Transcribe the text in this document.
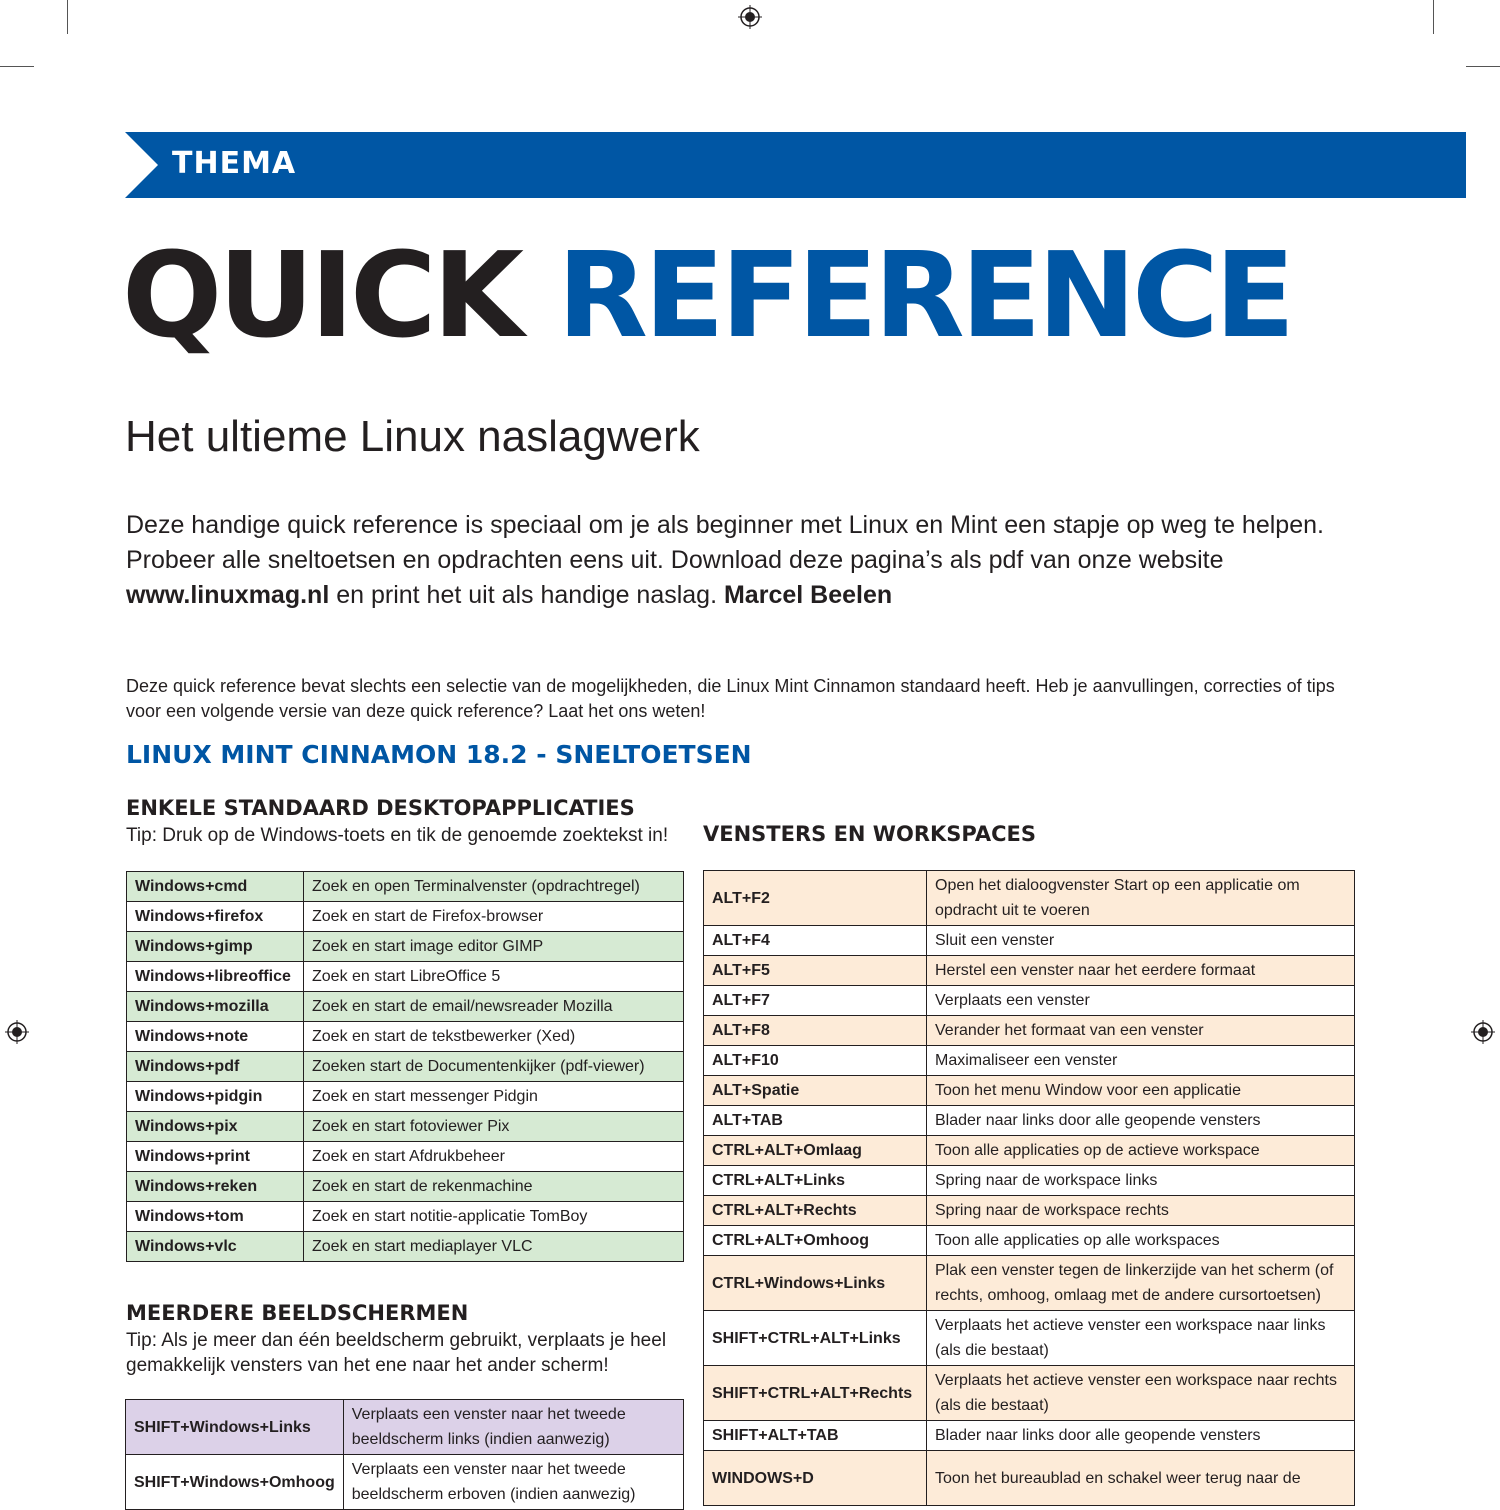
THEMA
QUICK REFERENCE
Het ultieme Linux naslagwerk
Deze handige quick reference is speciaal om je als beginner met Linux en Mint een stapje op weg te helpen. Probeer alle sneltoetsen en opdrachten eens uit. Download deze pagina’s als pdf van onze website www.linuxmag.nl en print het uit als handige naslag. Marcel Beelen
Deze quick reference bevat slechts een selectie van de mogelijkheden, die Linux Mint Cinnamon standaard heeft. Heb je aanvullingen, correcties of tips voor een volgende versie van deze quick reference? Laat het ons weten!
LINUX MINT CINNAMON 18.2 - SNELTOETSEN
ENKELE STANDAARD DESKTOPAPPLICATIES
Tip: Druk op de Windows-toets en tik de genoemde zoektekst in!
Windows+cmd	Zoek en open Terminalvenster (opdrachtregel)
Windows+firefox	Zoek en start de Firefox-browser
Windows+gimp	Zoek en start image editor GIMP
Windows+libreoffice	Zoek en start LibreOffice 5
Windows+mozilla	Zoek en start de email/newsreader Mozilla
Windows+note	Zoek en start de tekstbewerker (Xed)
Windows+pdf	Zoeken start de Documentenkijker (pdf-viewer)
Windows+pidgin	Zoek en start messenger Pidgin
Windows+pix	Zoek en start fotoviewer Pix
Windows+print	Zoek en start Afdrukbeheer
Windows+reken	Zoek en start de rekenmachine
Windows+tom	Zoek en start notitie-applicatie TomBoy
Windows+vlc	Zoek en start mediaplayer VLC
MEERDERE BEELDSCHERMEN
Tip: Als je meer dan één beeldscherm gebruikt, verplaats je heel gemakkelijk vensters van het ene naar het ander scherm!
SHIFT+Windows+Links	Verplaats een venster naar het tweede beeldscherm links (indien aanwezig)
SHIFT+Windows+Omhoog	Verplaats een venster naar het tweede beeldscherm erboven (indien aanwezig)
VENSTERS EN WORKSPACES
ALT+F2	Open het dialoogvenster Start op een applicatie om opdracht uit te voeren
ALT+F4	Sluit een venster
ALT+F5	Herstel een venster naar het eerdere formaat
ALT+F7	Verplaats een venster
ALT+F8	Verander het formaat van een venster
ALT+F10	Maximaliseer een venster
ALT+Spatie	Toon het menu Window voor een applicatie
ALT+TAB	Blader naar links door alle geopende vensters
CTRL+ALT+Omlaag	Toon alle applicaties op de actieve workspace
CTRL+ALT+Links	Spring naar de workspace links
CTRL+ALT+Rechts	Spring naar de workspace rechts
CTRL+ALT+Omhoog	Toon alle applicaties op alle workspaces
CTRL+Windows+Links	Plak een venster tegen de linkerzijde van het scherm (of rechts, omhoog, omlaag met de andere cursortoetsen)
SHIFT+CTRL+ALT+Links	Verplaats het actieve venster een workspace naar links (als die bestaat)
SHIFT+CTRL+ALT+Rechts	Verplaats het actieve venster een workspace naar rechts (als die bestaat)
SHIFT+ALT+TAB	Blader naar links door alle geopende vensters
WINDOWS+D	Toon het bureaublad en schakel weer terug naar de
